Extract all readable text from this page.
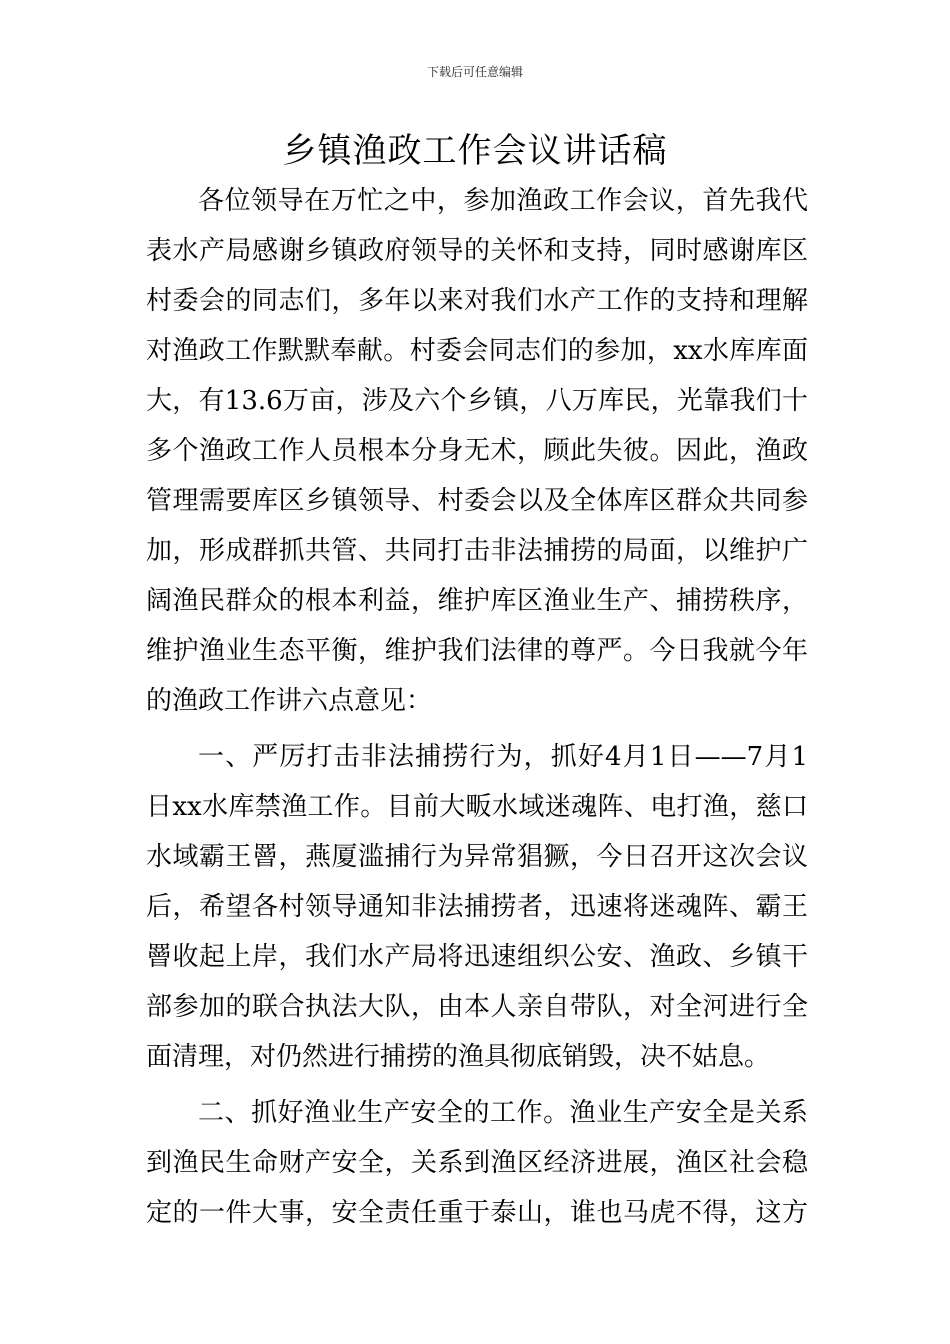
下载后可任意编辑
乡镇渔政工作会议讲话稿
各位领导在万忙之中，参加渔政工作会议，首先我代
表水产局感谢乡镇政府领导的关怀和支持，同时感谢库区
村委会的同志们，多年以来对我们水产工作的支持和理解
对渔政工作默默奉献。村委会同志们的参加，xx水库库面
大，有13.6万亩，涉及六个乡镇，八万库民，光靠我们十
多个渔政工作人员根本分身无术，顾此失彼。因此，渔政
管理需要库区乡镇领导、村委会以及全体库区群众共同参
加，形成群抓共管、共同打击非法捕捞的局面，以维护广
阔渔民群众的根本利益，维护库区渔业生产、捕捞秩序，
维护渔业生态平衡，维护我们法律的尊严。今日我就今年
的渔政工作讲六点意见：
一、严厉打击非法捕捞行为，抓好4月1日——7月1
日xx水库禁渔工作。目前大畈水域迷魂阵、电打渔，慈口
水域霸王罾，燕厦滥捕行为异常猖獗，今日召开这次会议
后，希望各村领导通知非法捕捞者，迅速将迷魂阵、霸王
罾收起上岸，我们水产局将迅速组织公安、渔政、乡镇干
部参加的联合执法大队，由本人亲自带队，对全河进行全
面清理，对仍然进行捕捞的渔具彻底销毁，决不姑息。
二、抓好渔业生产安全的工作。渔业生产安全是关系
到渔民生命财产安全，关系到渔区经济进展，渔区社会稳
定的一件大事，安全责任重于泰山，谁也马虎不得，这方
